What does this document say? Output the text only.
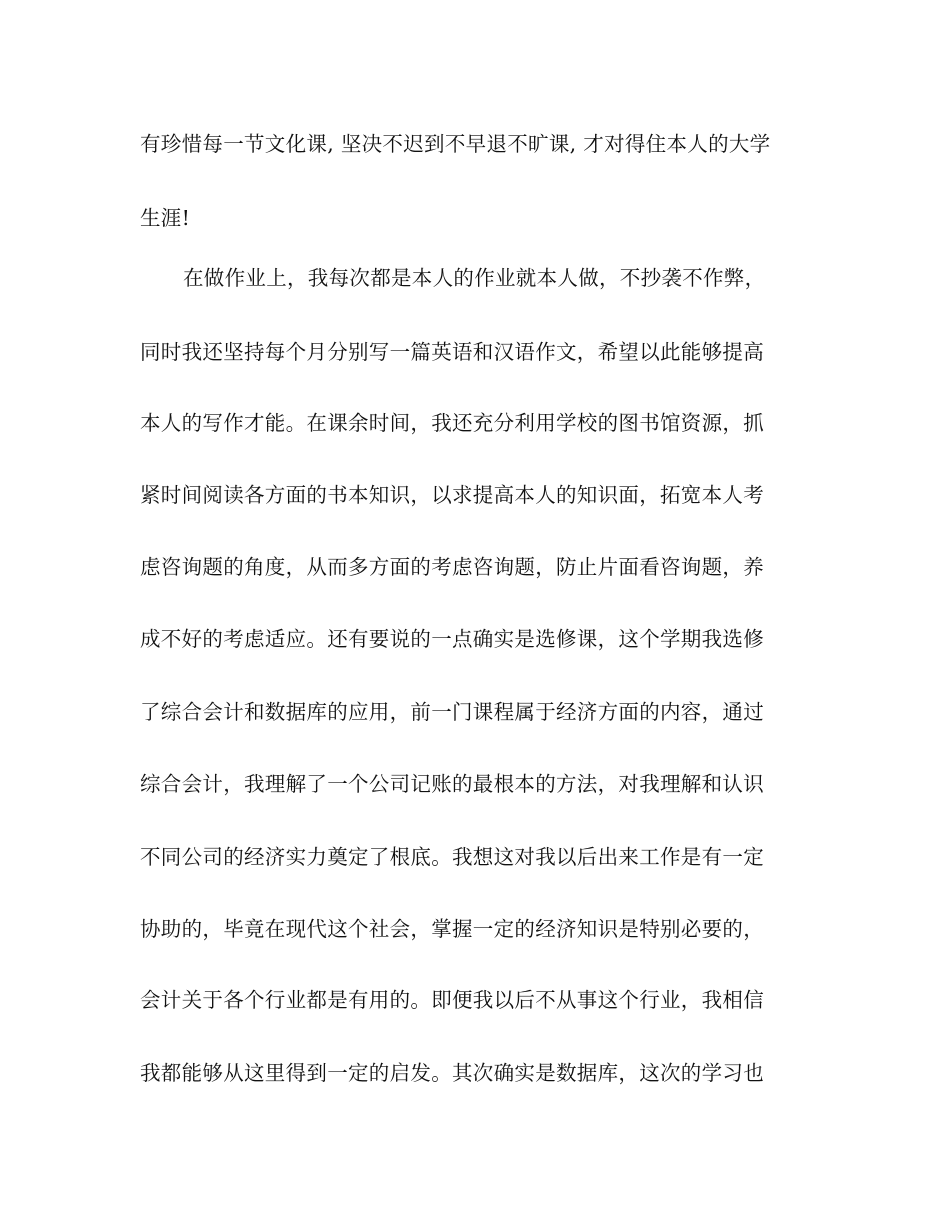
有珍惜每一节文化课, 坚决不迟到不早退不旷课, 才对得住本人的大学
生涯!
在做作业上，我每次都是本人的作业就本人做，不抄袭不作弊，
同时我还坚持每个月分别写一篇英语和汉语作文，希望以此能够提高
本人的写作才能。在课余时间，我还充分利用学校的图书馆资源，抓
紧时间阅读各方面的书本知识，以求提高本人的知识面，拓宽本人考
虑咨询题的角度，从而多方面的考虑咨询题，防止片面看咨询题，养
成不好的考虑适应。还有要说的一点确实是选修课，这个学期我选修
了综合会计和数据库的应用，前一门课程属于经济方面的内容，通过
综合会计，我理解了一个公司记账的最根本的方法，对我理解和认识
不同公司的经济实力奠定了根底。我想这对我以后出来工作是有一定
协助的，毕竟在现代这个社会，掌握一定的经济知识是特别必要的，
会计关于各个行业都是有用的。即便我以后不从事这个行业，我相信
我都能够从这里得到一定的启发。其次确实是数据库，这次的学习也
